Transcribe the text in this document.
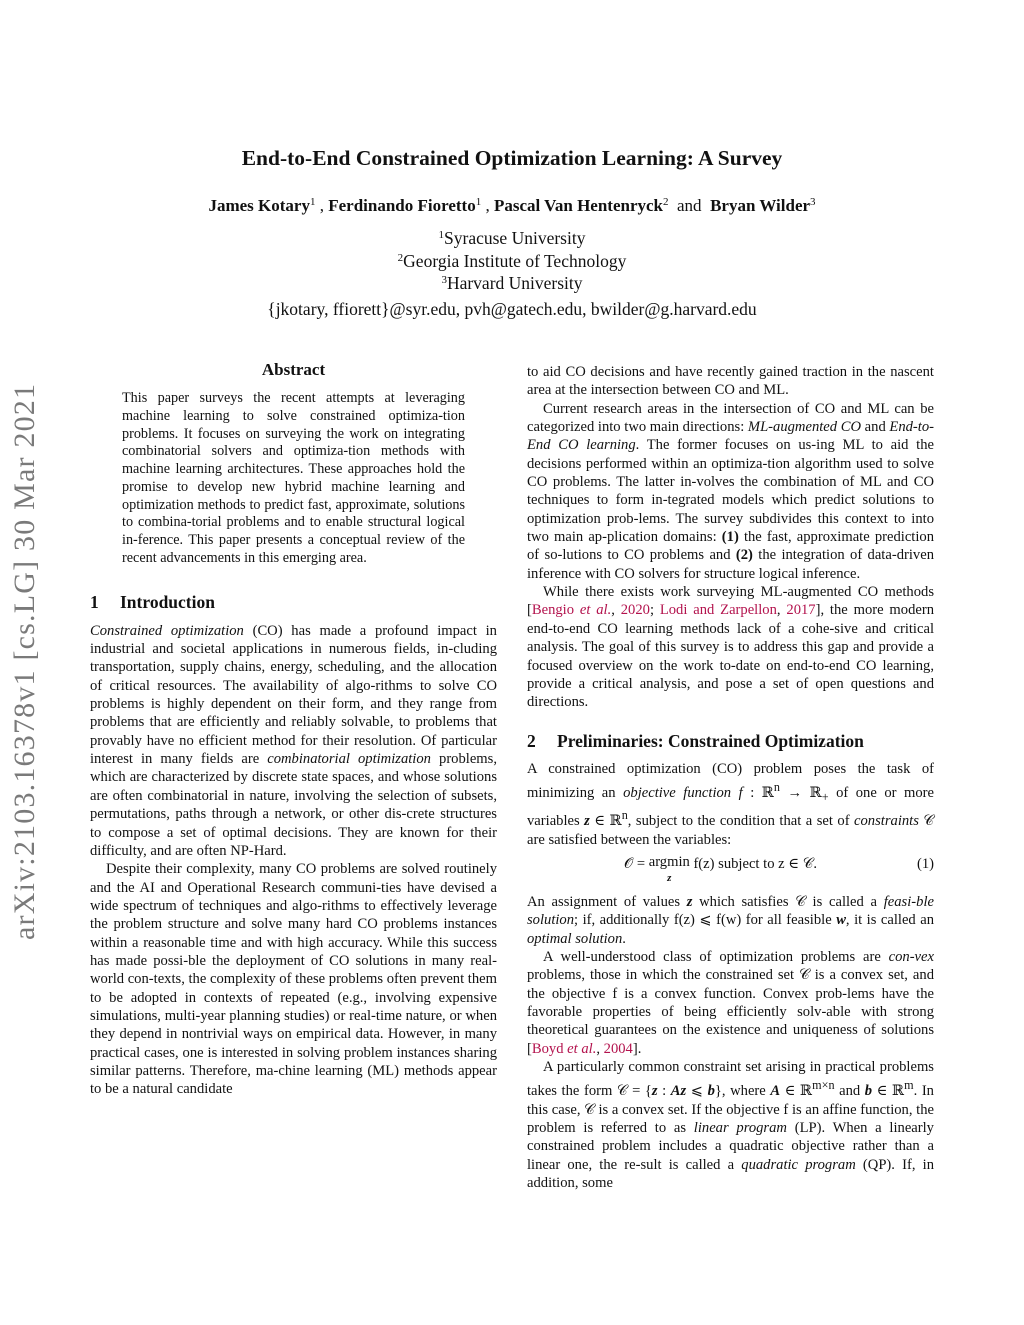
arXiv:2103.16378v1 [cs.LG] 30 Mar 2021
End-to-End Constrained Optimization Learning: A Survey
James Kotary$^1$ , Ferdinando Fioretto$^1$ , Pascal Van Hentenryck$^2$ and Bryan Wilder$^3$
$^1$Syracuse University
$^2$Georgia Institute of Technology
$^3$Harvard University
{jkotary, ffiorett}@syr.edu, pvh@gatech.edu, bwilder@g.harvard.edu
Abstract
This paper surveys the recent attempts at leveraging machine learning to solve constrained optimiza-tion problems. It focuses on surveying the work on integrating combinatorial solvers and optimiza-tion methods with machine learning architectures. These approaches hold the promise to develop new hybrid machine learning and optimization methods to predict fast, approximate, solutions to combina-torial problems and to enable structural logical in-ference. This paper presents a conceptual review of the recent advancements in this emerging area.
1 Introduction

Constrained optimization (CO) has made a profound impact in industrial and societal applications in numerous fields, in-cluding transportation, supply chains, energy, scheduling, and the allocation of critical resources. The availability of algo-rithms to solve CO problems is highly dependent on their form, and they range from problems that are efficiently and reliably solvable, to problems that provably have no efficient method for their resolution. Of particular interest in many fields are combinatorial optimization problems, which are characterized by discrete state spaces, and whose solutions are often combinatorial in nature, involving the selection of subsets, permutations, paths through a network, or other dis-crete structures to compose a set of optimal decisions. They are known for their difficulty, and are often NP-Hard.

Despite their complexity, many CO problems are solved routinely and the AI and Operational Research communi-ties have devised a wide spectrum of techniques and algo-rithms to effectively leverage the problem structure and solve many hard CO problems instances within a reasonable time and with high accuracy. While this success has made possi-ble the deployment of CO solutions in many real-world con-texts, the complexity of these problems often prevent them to be adopted in contexts of repeated (e.g., involving expensive simulations, multi-year planning studies) or real-time nature, or when they depend in nontrivial ways on empirical data. However, in many practical cases, one is interested in solving problem instances sharing similar patterns. Therefore, ma-chine learning (ML) methods appear to be a natural candidate

to aid CO decisions and have recently gained traction in the nascent area at the intersection between CO and ML.

Current research areas in the intersection of CO and ML can be categorized into two main directions: ML-augmented CO and End-to-End CO learning. The former focuses on us-ing ML to aid the decisions performed within an optimiza-tion algorithm used to solve CO problems. The latter in-volves the combination of ML and CO techniques to form in-tegrated models which predict solutions to optimization prob-lems. The survey subdivides this context to into two main ap-plication domains: (1) the fast, approximate prediction of so-lutions to CO problems and (2) the integration of data-driven inference with CO solvers for structure logical inference.

While there exists work surveying ML-augmented CO methods [Bengio et al., 2020; Lodi and Zarpellon, 2017], the more modern end-to-end CO learning methods lack of a cohe-sive and critical analysis. The goal of this survey is to address this gap and provide a focused overview on the work to-date on end-to-end CO learning, provide a critical analysis, and pose a set of open questions and directions.

2 Preliminaries: Constrained Optimization

A constrained optimization (CO) problem poses the task of minimizing an objective function f : ℝ$^n$ → ℝ$_+$ of one or more variables z ∈ ℝ$^n$, subject to the condition that a set of constraints 𝒞 are satisfied between the variables:

𝒪 = argmin
z
f(z) subject to z ∈ 𝒞.	(1)

An assignment of values z which satisfies 𝒞 is called a feasi-ble solution; if, additionally f(z) ⩽ f(w) for all feasible w, it is called an optimal solution.

A well-understood class of optimization problems are con-vex problems, those in which the constrained set 𝒞 is a convex set, and the objective f is a convex function. Convex prob-lems have the favorable properties of being efficiently solv-able with strong theoretical guarantees on the existence and uniqueness of solutions [Boyd et al., 2004].

A particularly common constraint set arising in practical problems takes the form 𝒞 = {z : Az ⩽ b}, where A ∈ ℝ$^{m\times n}$ and b ∈ ℝ$^m$. In this case, 𝒞 is a convex set. If the objective f is an affine function, the problem is referred to as linear program (LP). When a linearly constrained problem includes a quadratic objective rather than a linear one, the re-sult is called a quadratic program (QP). If, in addition, some
